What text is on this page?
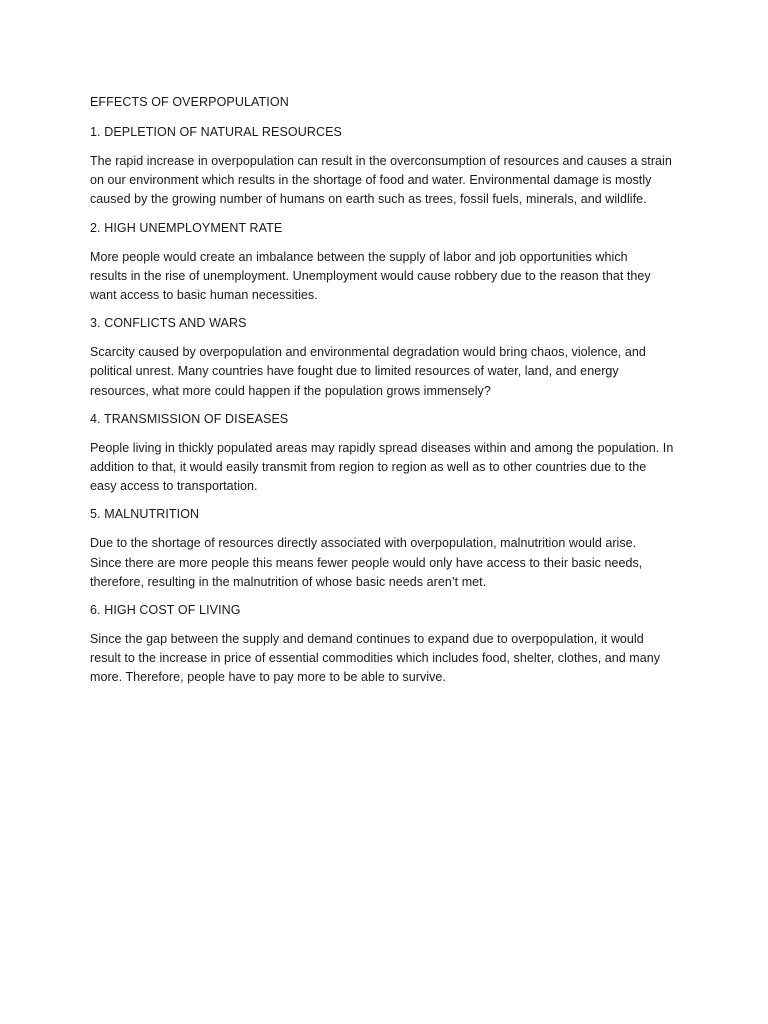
EFFECTS OF OVERPOPULATION
1. DEPLETION OF NATURAL RESOURCES
The rapid increase in overpopulation can result in the overconsumption of resources and causes a strain
on our environment which results in the shortage of food and water. Environmental damage is mostly
caused by the growing number of humans on earth such as trees, fossil fuels, minerals, and wildlife.
2. HIGH UNEMPLOYMENT RATE
More people would create an imbalance between the supply of labor and job opportunities which
results in the rise of unemployment. Unemployment would cause robbery due to the reason that they
want access to basic human necessities.
3. CONFLICTS AND WARS
Scarcity caused by overpopulation and environmental degradation would bring chaos, violence, and
political unrest. Many countries have fought due to limited resources of water, land, and energy
resources, what more could happen if the population grows immensely?
4. TRANSMISSION OF DISEASES
People living in thickly populated areas may rapidly spread diseases within and among the population. In
addition to that, it would easily transmit from region to region as well as to other countries due to the
easy access to transportation.
5. MALNUTRITION
Due to the shortage of resources directly associated with overpopulation, malnutrition would arise.
Since there are more people this means fewer people would only have access to their basic needs,
therefore, resulting in the malnutrition of whose basic needs aren’t met.
6. HIGH COST OF LIVING
Since the gap between the supply and demand continues to expand due to overpopulation, it would
result to the increase in price of essential commodities which includes food, shelter, clothes, and many
more. Therefore, people have to pay more to be able to survive.
